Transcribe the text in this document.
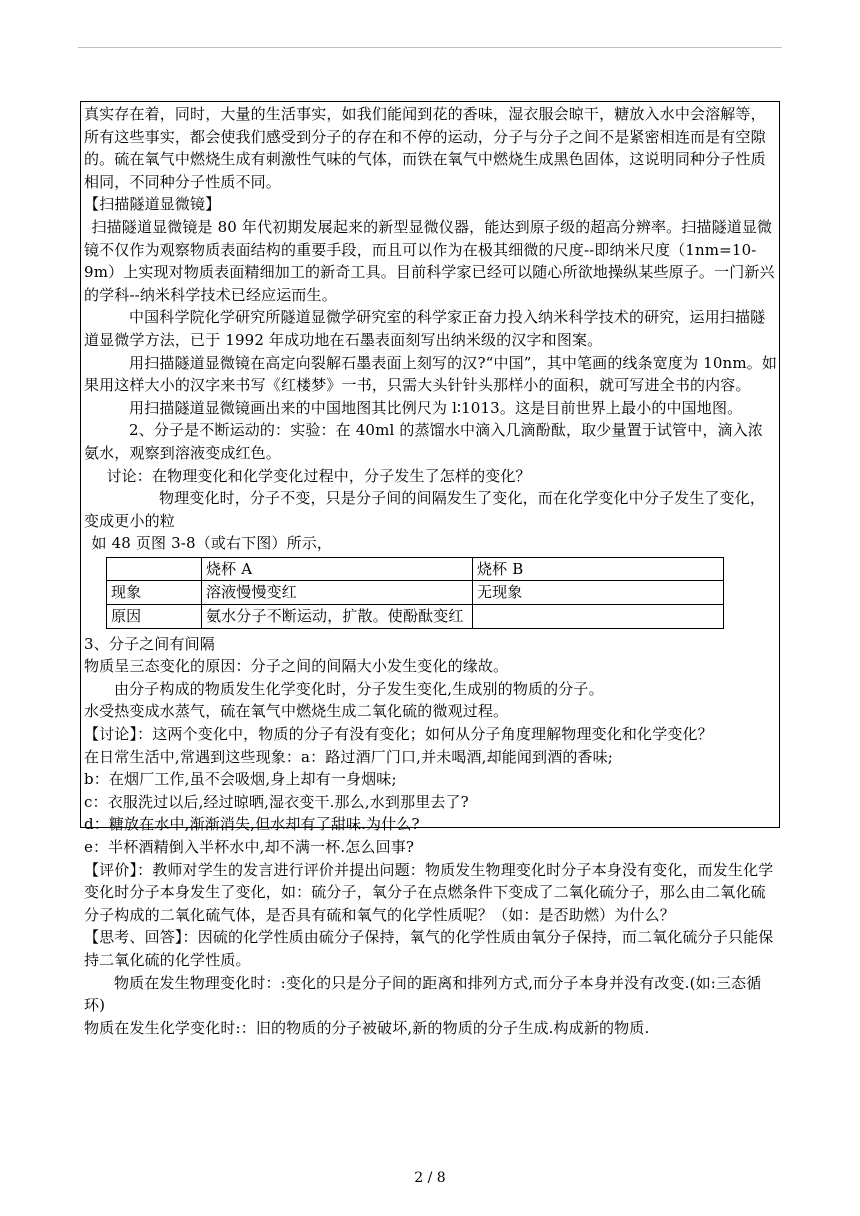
真实存在着，同时，大量的生活事实，如我们能闻到花的香味，湿衣服会晾干，糖放入水中会溶解等，所有这些事实，都会使我们感受到分子的存在和不停的运动，分子与分子之间不是紧密相连而是有空隙的。硫在氧气中燃烧生成有刺激性气味的气体，而铁在氧气中燃烧生成黑色固体，这说明同种分子性质相同，不同种分子性质不同。

【扫描隧道显微镜】

扫描隧道显微镜是 80 年代初期发展起来的新型显微仪器，能达到原子级的超高分辨率。扫描隧道显微镜不仅作为观察物质表面结构的重要手段，而且可以作为在极其细微的尺度--即纳米尺度（1nm=10-9m）上实现对物质表面精细加工的新奇工具。目前科学家已经可以随心所欲地操纵某些原子。一门新兴的学科--纳米科学技术已经应运而生。

中国科学院化学研究所隧道显微学研究室的科学家正奋力投入纳米科学技术的研究，运用扫描隧道显微学方法，已于 1992 年成功地在石墨表面刻写出纳米级的汉字和图案。

用扫描隧道显微镜在高定向裂解石墨表面上刻写的汉?“中国”，其中笔画的线条宽度为 10nm。如果用这样大小的汉字来书写《红楼梦》一书，只需大头针针头那样小的面积，就可写进全书的内容。

用扫描隧道显微镜画出来的中国地图其比例尺为 l∶1013。这是目前世界上最小的中国地图。

2、分子是不断运动的：实验：在 40ml 的蒸馏水中滴入几滴酚酞，取少量置于试管中，滴入浓氨水，观察到溶液变成红色。

讨论：在物理变化和化学变化过程中，分子发生了怎样的变化？

物理变化时，分子不变，只是分子间的间隔发生了变化，而在化学变化中分子发生了变化，变成更小的粒

如 48 页图 3-8（或右下图）所示，

	烧杯 A	烧杯 B
现象	溶液慢慢变红	无现象
原因	氨水分子不断运动，扩散。使酚酞变红	

3、分子之间有间隔

物质呈三态变化的原因：分子之间的间隔大小发生变化的缘故。

由分子构成的物质发生化学变化时，分子发生变化,生成别的物质的分子。

水受热变成水蒸气，硫在氧气中燃烧生成二氧化硫的微观过程。

【讨论】：这两个变化中，物质的分子有没有变化；如何从分子角度理解物理变化和化学变化？

在日常生活中,常遇到这些现象：a：路过酒厂门口,并未喝酒,却能闻到酒的香味;

b：在烟厂工作,虽不会吸烟,身上却有一身烟味;

c：衣服洗过以后,经过晾晒,湿衣变干.那么,水到那里去了?

d：糖放在水中,渐渐消失,但水却有了甜味.为什么?

e：半杯酒精倒入半杯水中,却不满一杯.怎么回事?

【评价】：教师对学生的发言进行评价并提出问题：物质发生物理变化时分子本身没有变化，而发生化学变化时分子本身发生了变化，如：硫分子，氧分子在点燃条件下变成了二氧化硫分子，那么由二氧化硫分子构成的二氧化硫气体，是否具有硫和氧气的化学性质呢？（如：是否助燃）为什么？

【思考、回答】：因硫的化学性质由硫分子保持，氧气的化学性质由氧分子保持，而二氧化硫分子只能保持二氧化硫的化学性质。

物质在发生物理变化时：:变化的只是分子间的距离和排列方式,而分子本身并没有改变.(如:三态循环)

物质在发生化学变化时:：旧的物质的分子被破坏,新的物质的分子生成.构成新的物质.

2 / 8
